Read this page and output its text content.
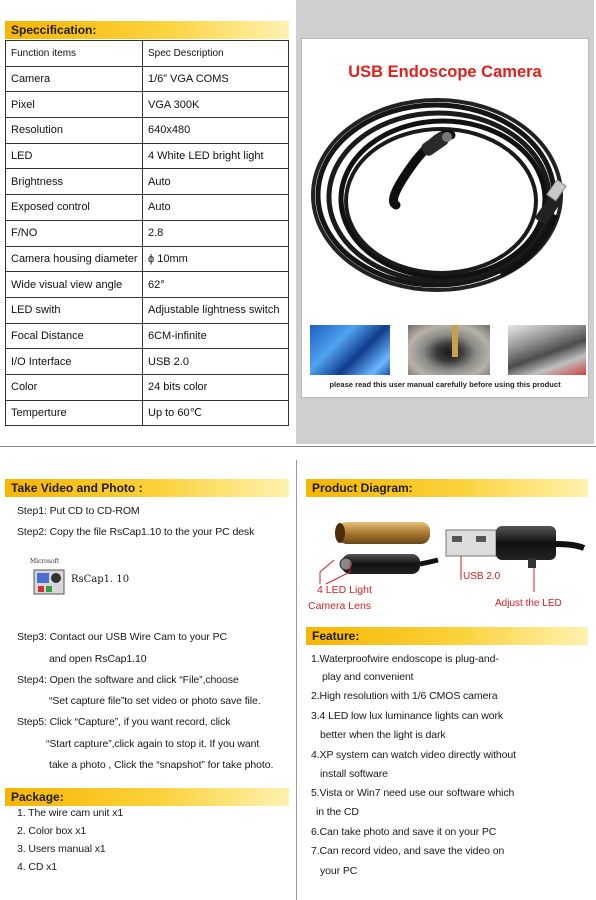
Speccification:
Function items	Spec Description
Camera	1/6” VGA COMS
Pixel	VGA 300K
Resolution	640x480
LED	4 White LED bright light
Brightness	Auto
Exposed control	Auto
F/NO	2.8
Camera housing diameter	ϕ 10mm
Wide visual view angle	62°
LED swith	Adjustable lightness switch
Focal Distance	6CM-infinite
I/O Interface	USB 2.0
Color	24 bits color
Temperture	Up to 60℃
USB Endoscope Camera
please read this user manual carefully before using this product
Take Video and Photo :
Step1: Put CD to CD-ROM
Step2: Copy the file RsCap1.10 to the your PC desk
Microsoft
RsCap1. 10
Step3: Contact our USB Wire Cam to your PC
and open RsCap1.10
Step4: Open the software and click “File”,choose
“Set capture file”to set video or photo save file.
Step5: Click “Capture”, if you want record, click
“Start capture”,click again to stop it. If you want
take a photo , Click the “snapshot” for take photo.
Package:
1. The wire cam unit x1
2. Color box x1
3. Users manual x1
4. CD x1
Product Diagram:
4 LED Light
Camera Lens
USB 2.0
Adjust the LED
Feature:
1.Waterproofwire endoscope is plug-and-
play and convenient
2.High resolution with 1/6 CMOS camera
3.4 LED low lux luminance lights can work
better when the light is dark
4.XP system can watch video directly without
install software
5.Vista or Win7 need use our software which
in the CD
6.Can take photo and save it on your PC
7.Can record video, and save the video on
your PC
